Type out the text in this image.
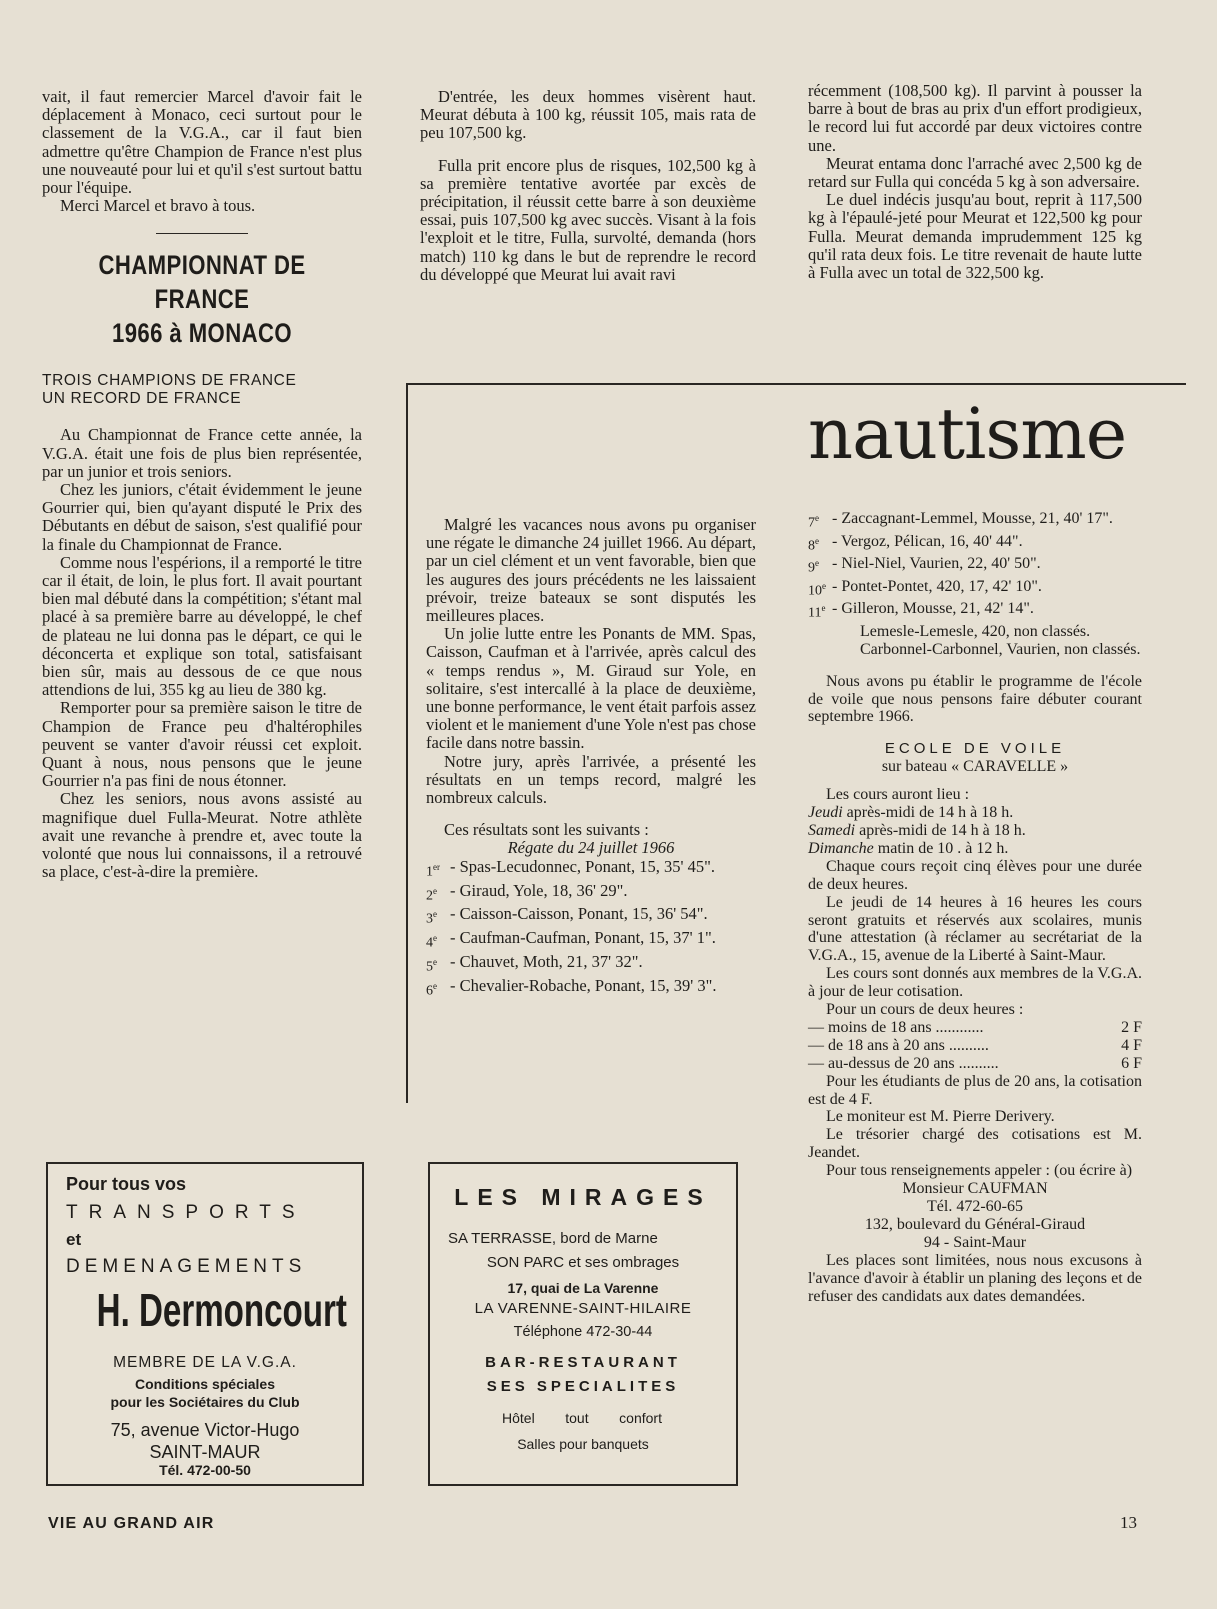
vait, il faut remercier Marcel d'avoir fait le déplacement à Monaco, ceci surtout pour le classement de la V.G.A., car il faut bien admettre qu'être Champion de France n'est plus une nouveauté pour lui et qu'il s'est surtout battu pour l'équipe.

Merci Marcel et bravo à tous.

CHAMPIONNAT DE FRANCE
1966 à MONACO
TROIS CHAMPIONS DE FRANCE
UN RECORD DE FRANCE

Au Championnat de France cette année, la V.G.A. était une fois de plus bien représentée, par un junior et trois seniors.

Chez les juniors, c'était évidemment le jeune Gourrier qui, bien qu'ayant disputé le Prix des Débutants en début de saison, s'est qualifié pour la finale du Championnat de France.

Comme nous l'espérions, il a remporté le titre car il était, de loin, le plus fort. Il avait pourtant bien mal débuté dans la compétition; s'étant mal placé à sa première barre au développé, le chef de plateau ne lui donna pas le départ, ce qui le déconcerta et explique son total, satisfaisant bien sûr, mais au dessous de ce que nous attendions de lui, 355 kg au lieu de 380 kg.

Remporter pour sa première saison le titre de Champion de France peu d'haltérophiles peuvent se vanter d'avoir réussi cet exploit. Quant à nous, nous pensons que le jeune Gourrier n'a pas fini de nous étonner.

Chez les seniors, nous avons assisté au magnifique duel Fulla-Meurat. Notre athlète avait une revanche à prendre et, avec toute la volonté que nous lui connaissons, il a retrouvé sa place, c'est-à-dire la première.

D'entrée, les deux hommes visèrent haut. Meurat débuta à 100 kg, réussit 105, mais rata de peu 107,500 kg.

Fulla prit encore plus de risques, 102,500 kg à sa première tentative avortée par excès de précipitation, il réussit cette barre à son deuxième essai, puis 107,500 kg avec succès. Visant à la fois l'exploit et le titre, Fulla, survolté, demanda (hors match) 110 kg dans le but de reprendre le record du développé que Meurat lui avait ravi

récemment (108,500 kg). Il parvint à pousser la barre à bout de bras au prix d'un effort prodigieux, le record lui fut accordé par deux victoires contre une.

Meurat entama donc l'arraché avec 2,500 kg de retard sur Fulla qui concéda 5 kg à son adversaire.

Le duel indécis jusqu'au bout, reprit à 117,500 kg à l'épaulé-jeté pour Meurat et 122,500 kg pour Fulla. Meurat demanda imprudemment 125 kg qu'il rata deux fois. Le titre revenait de haute lutte à Fulla avec un total de 322,500 kg.

nautisme

Malgré les vacances nous avons pu organiser une régate le dimanche 24 juillet 1966. Au départ, par un ciel clément et un vent favorable, bien que les augures des jours précédents ne les laissaient prévoir, treize bateaux se sont disputés les meilleures places.

Un jolie lutte entre les Ponants de MM. Spas, Caisson, Caufman et à l'arrivée, après calcul des « temps rendus », M. Giraud sur Yole, en solitaire, s'est intercallé à la place de deuxième, une bonne performance, le vent était parfois assez violent et le maniement d'une Yole n'est pas chose facile dans notre bassin.

Notre jury, après l'arrivée, a présenté les résultats en un temps record, malgré les nombreux calculs.

Ces résultats sont les suivants :

Régate du 24 juillet 1966

1er - Spas-Lecudonnec, Ponant, 15, 35' 45".
2e - Giraud, Yole, 18, 36' 29".
3e - Caisson-Caisson, Ponant, 15, 36' 54".
4e - Caufman-Caufman, Ponant, 15, 37' 1".
5e - Chauvet, Moth, 21, 37' 32".
6e - Chevalier-Robache, Ponant, 15, 39' 3".
7e - Zaccagnant-Lemmel, Mousse, 21, 40' 17".
8e - Vergoz, Pélican, 16, 40' 44".
9e - Niel-Niel, Vaurien, 22, 40' 50".
10e - Pontet-Pontet, 420, 17, 42' 10".
11e - Gilleron, Mousse, 21, 42' 14".

Lemesle-Lemesle, 420, non classés.

Carbonnel-Carbonnel, Vaurien, non classés.

Nous avons pu établir le programme de l'école de voile que nous pensons faire débuter courant septembre 1966.

ECOLE DE VOILE

sur bateau « CARAVELLE »

Les cours auront lieu :

Jeudi après-midi de 14 h à 18 h.

Samedi après-midi de 14 h à 18 h.

Dimanche matin de 10 . à 12 h.

Chaque cours reçoit cinq élèves pour une durée de deux heures.

Le jeudi de 14 heures à 16 heures les cours seront gratuits et réservés aux scolaires, munis d'une attestation (à réclamer au secrétariat de la V.G.A., 15, avenue de la Liberté à Saint-Maur.

Les cours sont donnés aux membres de la V.G.A. à jour de leur cotisation.

Pour un cours de deux heures :

— moins de 18 ans ............	2 F
— de 18 ans à 20 ans ..........	4 F
— au-dessus de 20 ans ..........	6 F

Pour les étudiants de plus de 20 ans, la cotisation est de 4 F.

Le moniteur est M. Pierre Derivery.

Le trésorier chargé des cotisations est M. Jeandet.

Pour tous renseignements appeler : (ou écrire à)

Monsieur CAUFMAN

Tél. 472-60-65

132, boulevard du Général-Giraud

94 - Saint-Maur

Les places sont limitées, nous nous excusons à l'avance d'avoir à établir un planing des leçons et de refuser des candidats aux dates demandées.

Pour tous vos
TRANSPORTS
et
DEMENAGEMENTS
H. Dermoncourt
MEMBRE DE LA V.G.A.
Conditions spéciales
pour les Sociétaires du Club
75, avenue Victor-Hugo
SAINT-MAUR
Tél. 472-00-50
LES MIRAGES
SA TERRASSE, bord de Marne
SON PARC et ses ombrages
17, quai de La Varenne
LA VARENNE-SAINT-HILAIRE
Téléphone 472-30-44
BAR-RESTAURANT
SES SPECIALITES
Hôtel tout confort
Salles pour banquets
VIE AU GRAND AIR	13
